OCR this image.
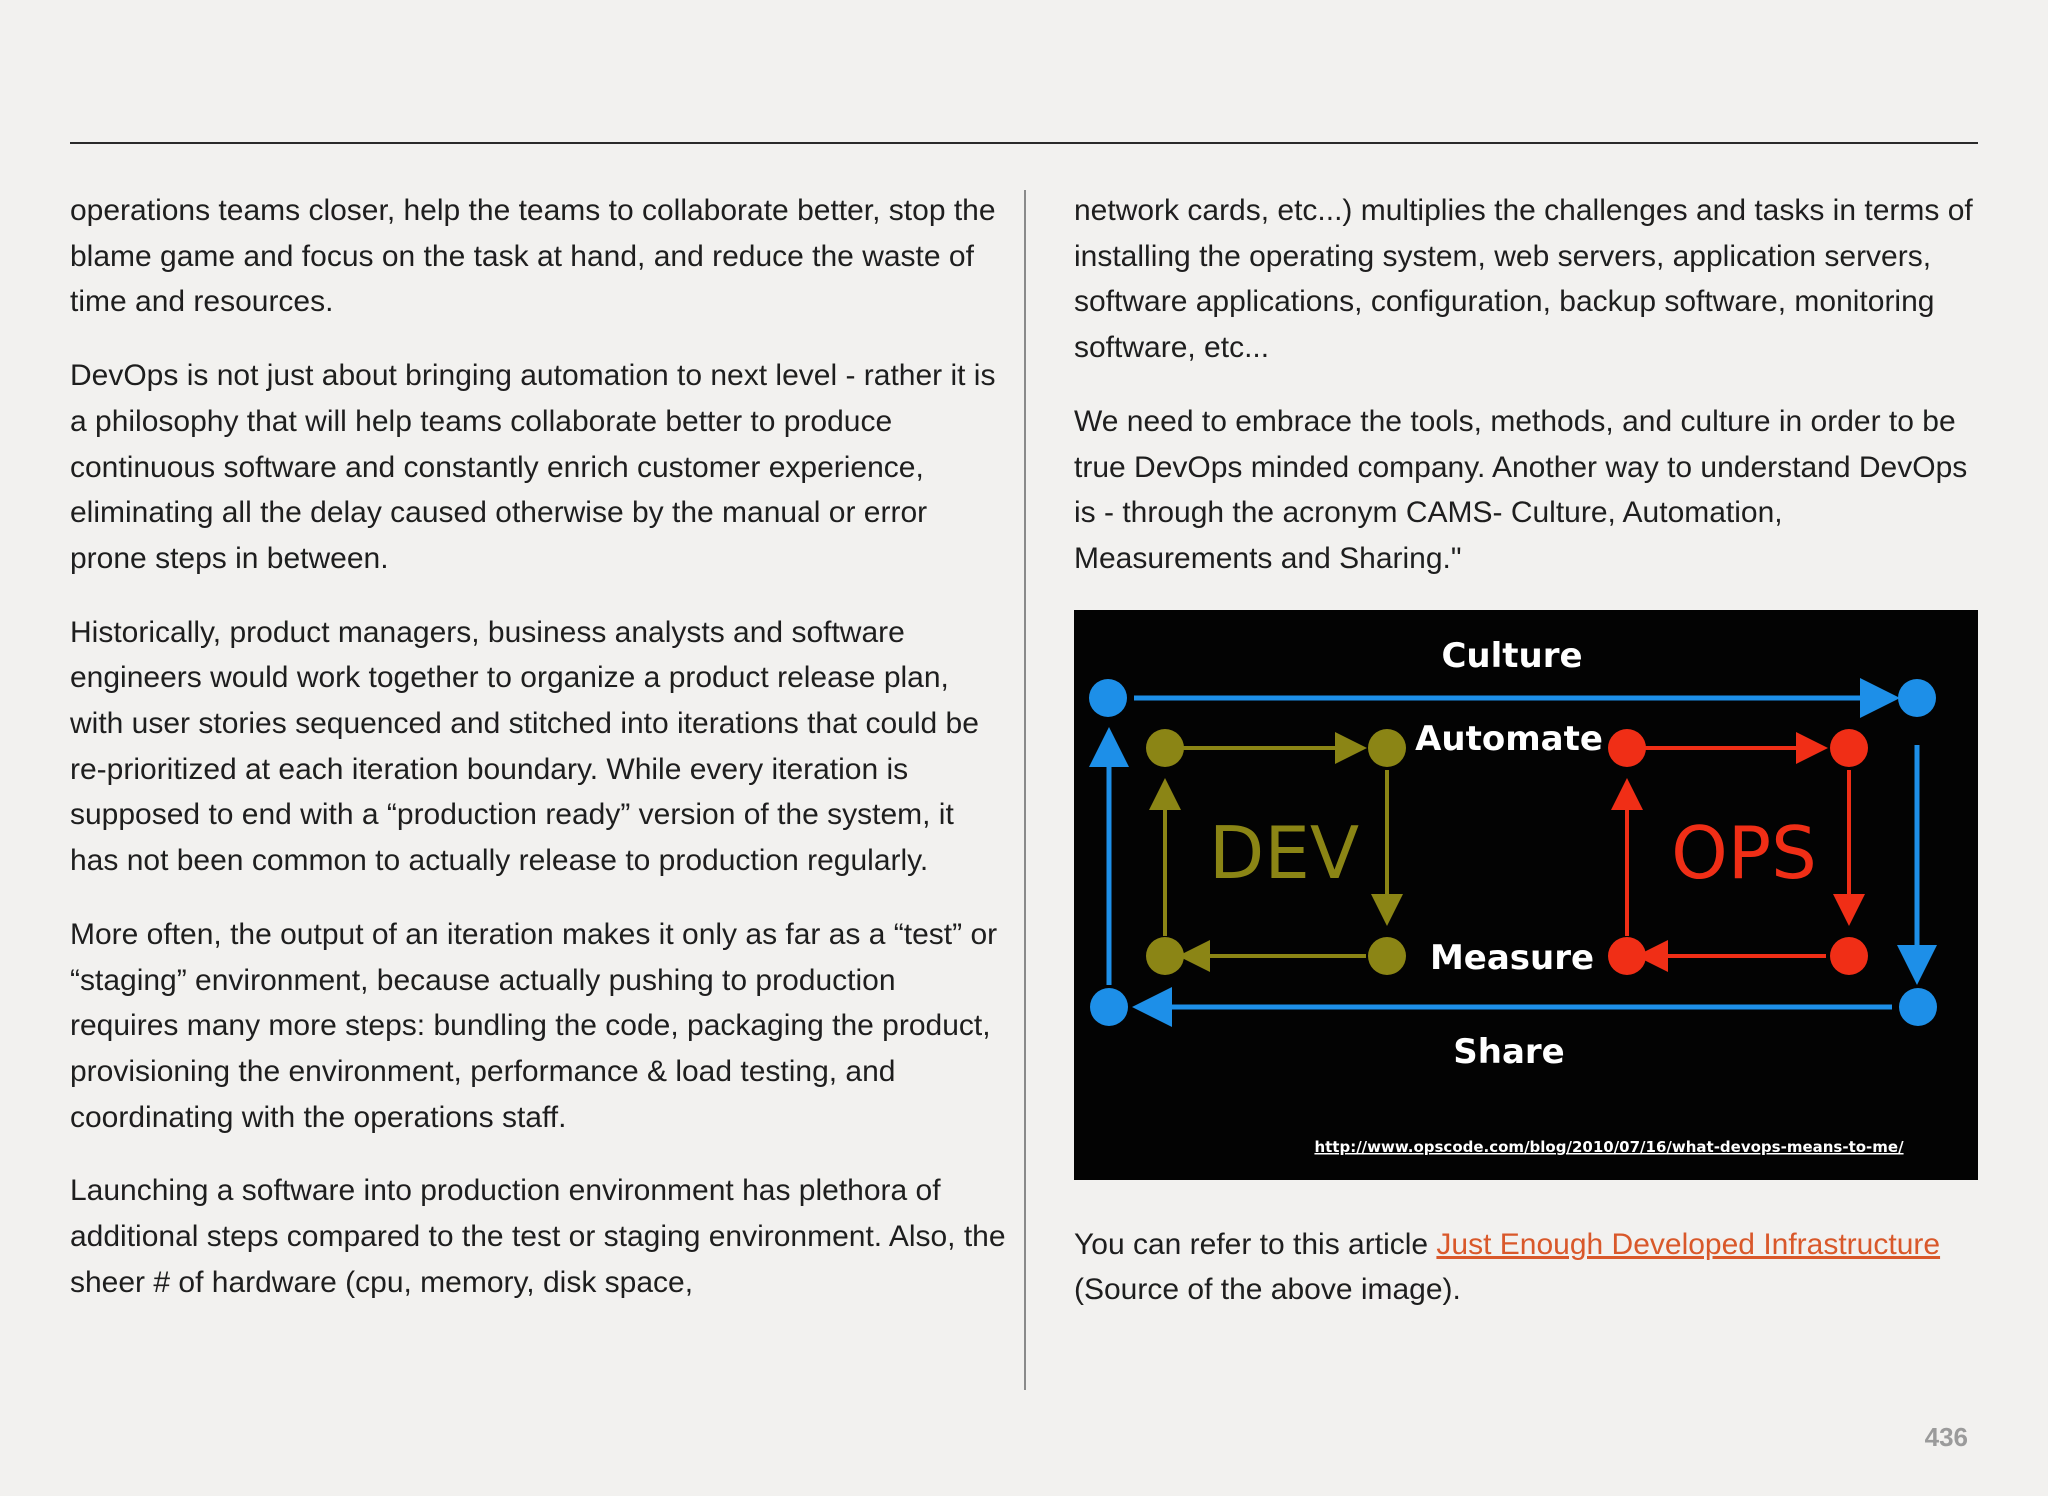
operations teams closer, help the teams to collaborate better, stop the blame game and focus on the task at hand, and reduce the waste of time and resources.

DevOps is not just about bringing automation to next level - rather it is a philosophy that will help teams collaborate better to produce continuous software and constantly enrich customer experience, eliminating all the delay caused otherwise by the manual or error prone steps in between.

Historically, product managers, business analysts and software engineers would work together to organize a product release plan, with user stories sequenced and stitched into iterations that could be re-prioritized at each iteration boundary. While every iteration is supposed to end with a “production ready” version of the system, it has not been common to actually release to production regularly.

More often, the output of an iteration makes it only as far as a “test” or “staging” environment, because actually pushing to production requires many more steps: bundling the code, packaging the product, provisioning the environment, performance & load testing, and coordinating with the operations staff.

Launching a software into production environment has plethora of additional steps compared to the test or staging environment. Also, the sheer # of hardware (cpu, memory, disk space,

network cards, etc...) multiplies the challenges and tasks in terms of installing the operating system, web servers, application servers, software applications, configuration, backup software, monitoring software, etc...

We need to embrace the tools, methods, and culture in order to be true DevOps minded company. Another way to understand DevOps is - through the acronym CAMS- Culture, Automation, Measurements and Sharing."

Culture
Automate
Measure
Share
DEV	OPS
http://www.opscode.com/blog/2010/07/16/what-devops-means-to-me/

You can refer to this article Just Enough Developed Infrastructure (Source of the above image).

436
